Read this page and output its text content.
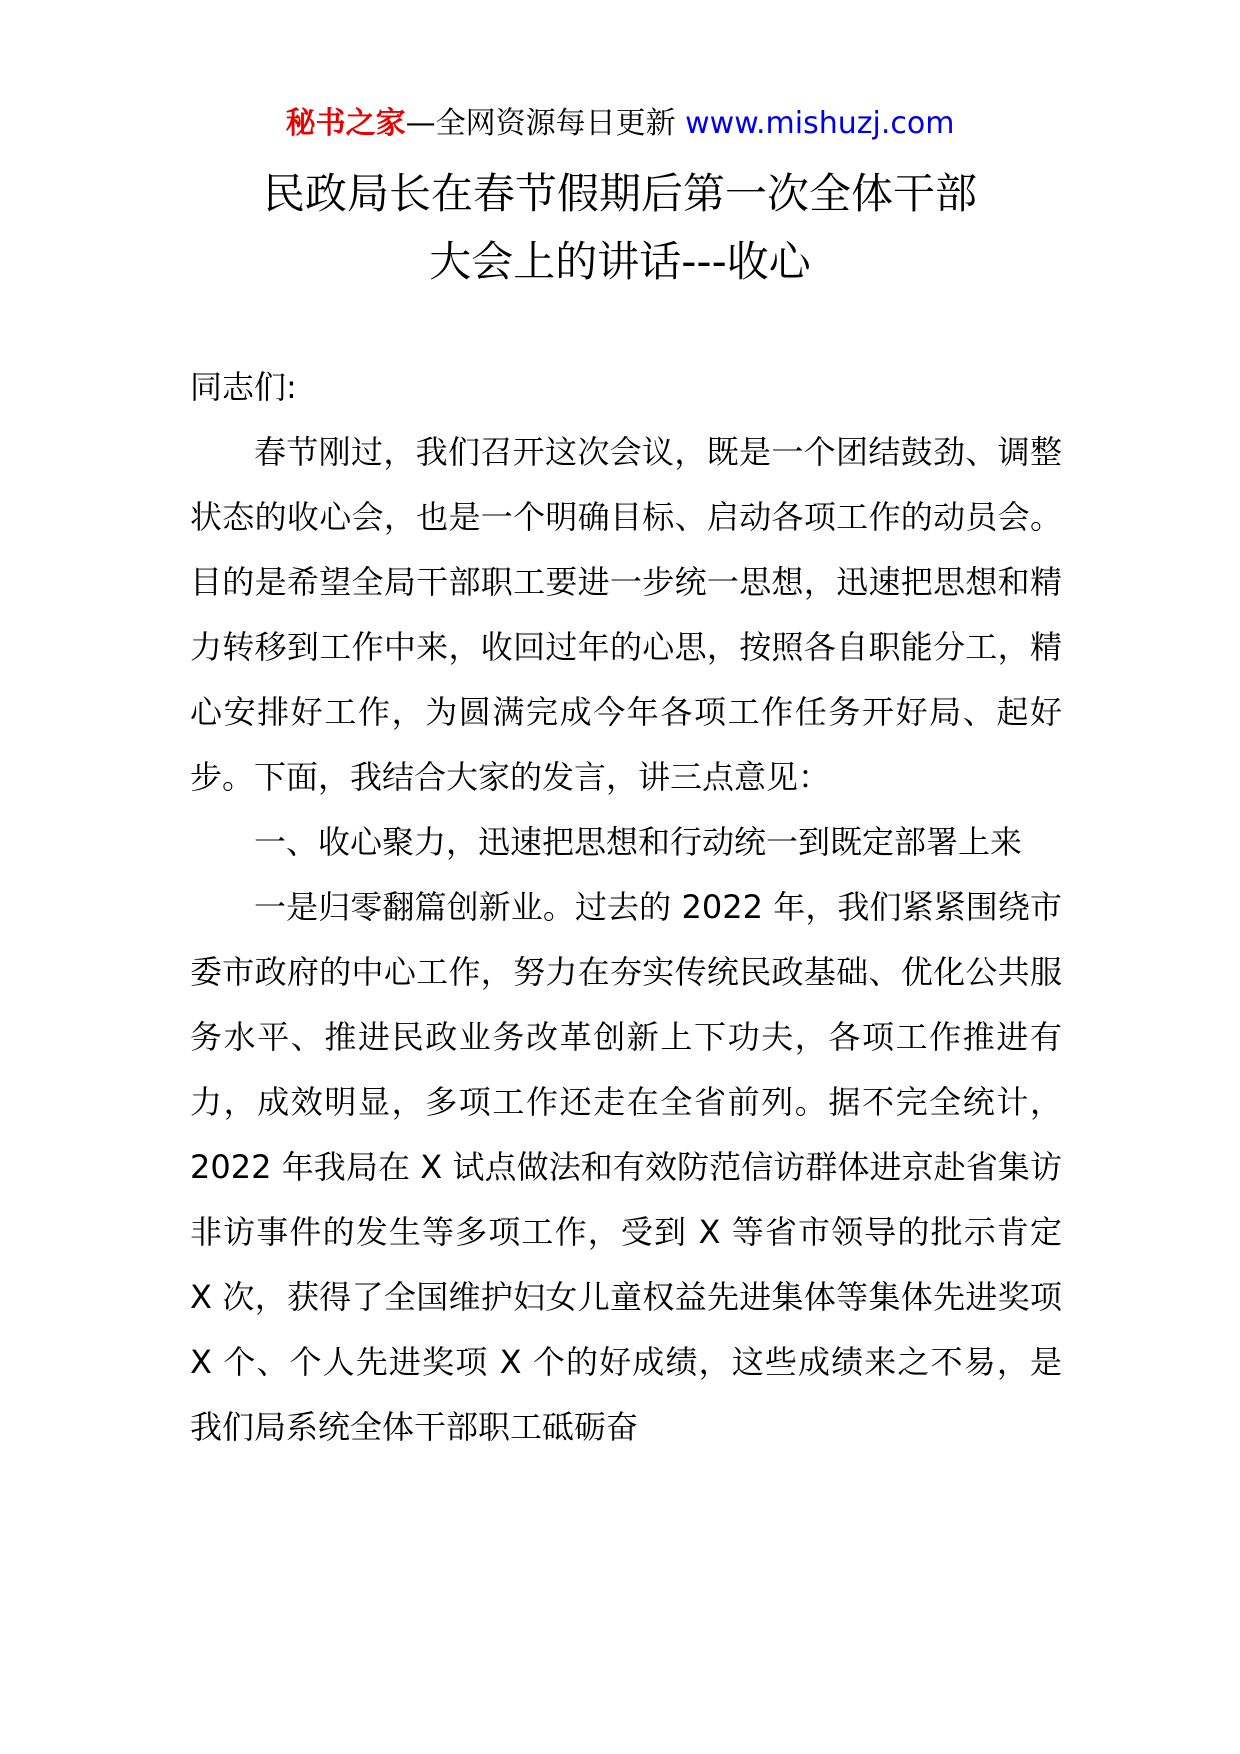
秘书之家—全网资源每日更新 www.mishuzj.com
民政局长在春节假期后第一次全体干部
大会上的讲话---收心

同志们:

春节刚过，我们召开这次会议，既是一个团结鼓劲、调整状态的收心会，也是一个明确目标、启动各项工作的动员会。目的是希望全局干部职工要进一步统一思想，迅速把思想和精力转移到工作中来，收回过年的心思，按照各自职能分工，精心安排好工作，为圆满完成今年各项工作任务开好局、起好步。下面，我结合大家的发言，讲三点意见：

一、收心聚力，迅速把思想和行动统一到既定部署上来

一是归零翻篇创新业。过去的 2022 年，我们紧紧围绕市委市政府的中心工作，努力在夯实传统民政基础、优化公共服务水平、推进民政业务改革创新上下功夫，各项工作推进有力，成效明显，多项工作还走在全省前列。据不完全统计，2022 年我局在 X 试点做法和有效防范信访群体进京赴省集访非访事件的发生等多项工作，受到 X 等省市领导的批示肯定 X 次，获得了全国维护妇女儿童权益先进集体等集体先进奖项 X 个、个人先进奖项 X 个的好成绩，这些成绩来之不易，是我们局系统全体干部职工砥砺奋
